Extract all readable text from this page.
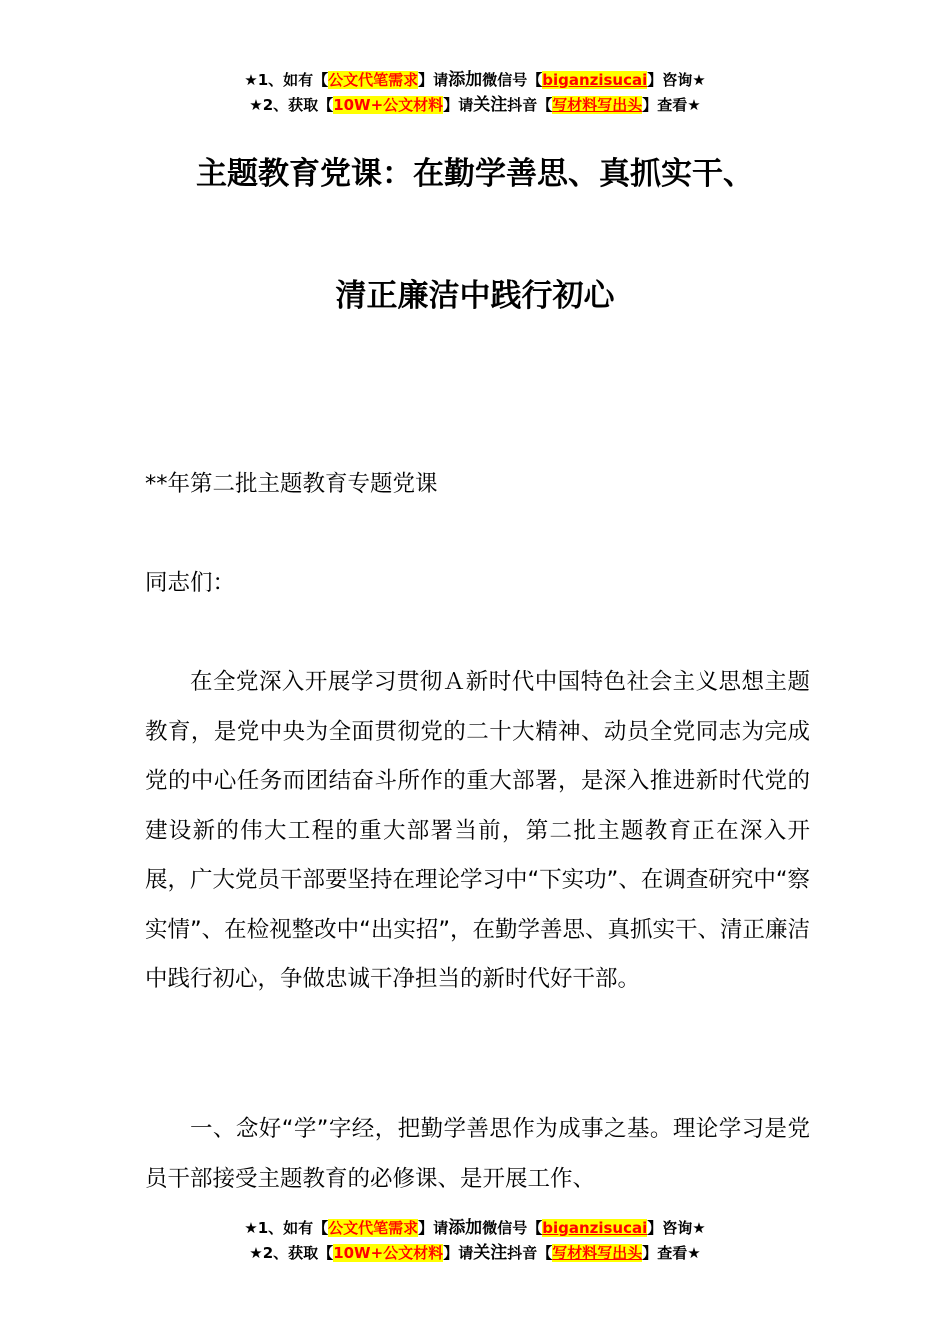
★1、如有【公文代笔需求】请添加微信号【biganzisucai】咨询★
★2、获取【10W+公文材料】请关注抖音【写材料写出头】查看★
主题教育党课：在勤学善思、真抓实干、
清正廉洁中践行初心

**年第二批主题教育专题党课

同志们：

在全党深入开展学习贯彻Ａ新时代中国特色社会主义思想主题教育，是党中央为全面贯彻党的二十大精神、动员全党同志为完成党的中心任务而团结奋斗所作的重大部署，是深入推进新时代党的建设新的伟大工程的重大部署当前，第二批主题教育正在深入开展，广大党员干部要坚持在理论学习中“下实功”、在调查研究中“察实情”、在检视整改中“出实招”，在勤学善思、真抓实干、清正廉洁中践行初心，争做忠诚干净担当的新时代好干部。

一、念好“学”字经，把勤学善思作为成事之基。理论学习是党员干部接受主题教育的必修课、是开展工作、

★1、如有【公文代笔需求】请添加微信号【biganzisucai】咨询★
★2、获取【10W+公文材料】请关注抖音【写材料写出头】查看★
